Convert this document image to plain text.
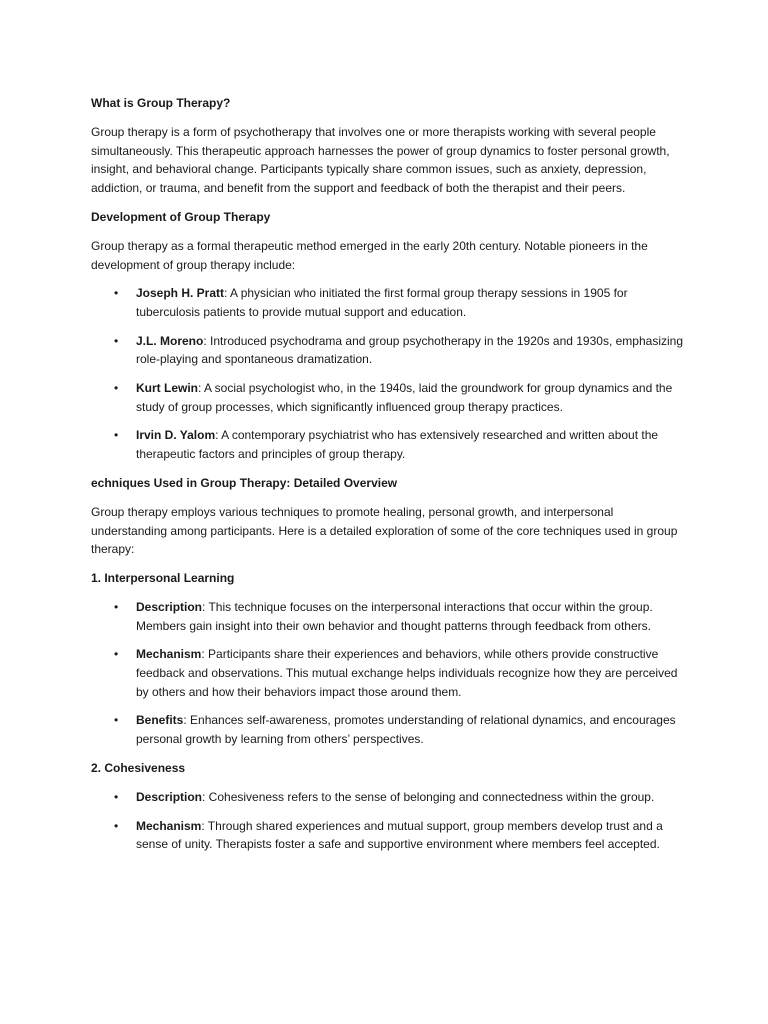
What is Group Therapy?

Group therapy is a form of psychotherapy that involves one or more therapists working with several people simultaneously. This therapeutic approach harnesses the power of group dynamics to foster personal growth, insight, and behavioral change. Participants typically share common issues, such as anxiety, depression, addiction, or trauma, and benefit from the support and feedback of both the therapist and their peers.

Development of Group Therapy

Group therapy as a formal therapeutic method emerged in the early 20th century. Notable pioneers in the development of group therapy include:

• Joseph H. Pratt: A physician who initiated the first formal group therapy sessions in 1905 for tuberculosis patients to provide mutual support and education.
• J.L. Moreno: Introduced psychodrama and group psychotherapy in the 1920s and 1930s, emphasizing role-playing and spontaneous dramatization.
• Kurt Lewin: A social psychologist who, in the 1940s, laid the groundwork for group dynamics and the study of group processes, which significantly influenced group therapy practices.
• Irvin D. Yalom: A contemporary psychiatrist who has extensively researched and written about the therapeutic factors and principles of group therapy.
echniques Used in Group Therapy: Detailed Overview

Group therapy employs various techniques to promote healing, personal growth, and interpersonal understanding among participants. Here is a detailed exploration of some of the core techniques used in group therapy:

1. Interpersonal Learning
• Description: This technique focuses on the interpersonal interactions that occur within the group. Members gain insight into their own behavior and thought patterns through feedback from others.
• Mechanism: Participants share their experiences and behaviors, while others provide constructive feedback and observations. This mutual exchange helps individuals recognize how they are perceived by others and how their behaviors impact those around them.
• Benefits: Enhances self-awareness, promotes understanding of relational dynamics, and encourages personal growth by learning from others’ perspectives.
2. Cohesiveness
• Description: Cohesiveness refers to the sense of belonging and connectedness within the group.
• Mechanism: Through shared experiences and mutual support, group members develop trust and a sense of unity. Therapists foster a safe and supportive environment where members feel accepted.
